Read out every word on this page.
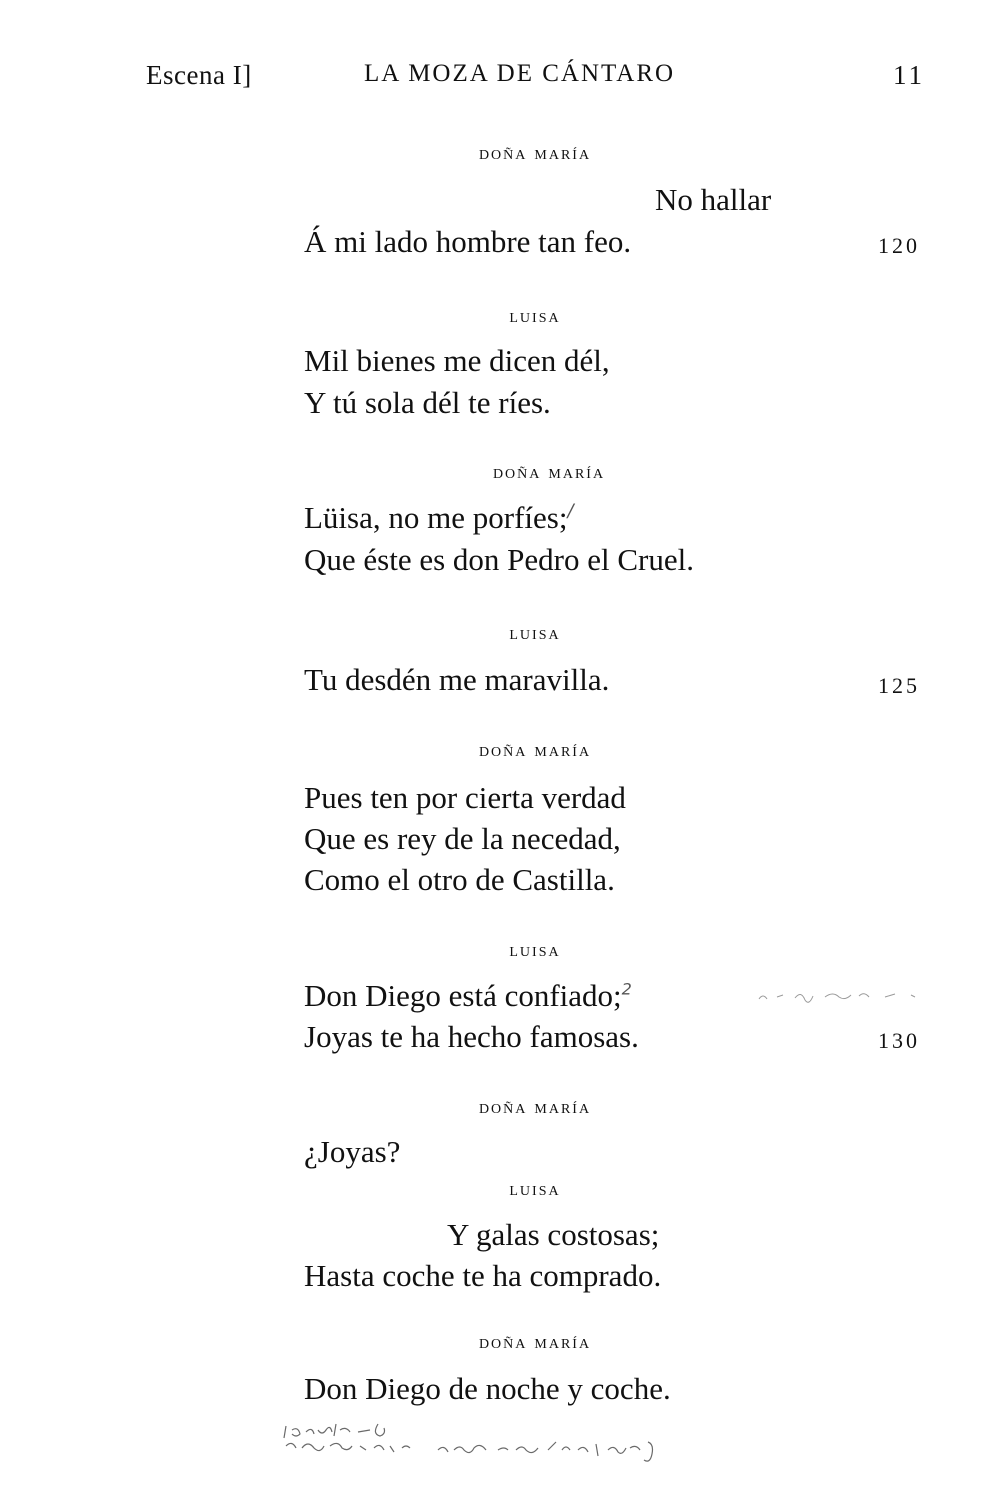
Escena I]	LA MOZA DE CÁNTARO	11
doña maría
No hallar
Á mi lado hombre tan feo.	120
luisa
Mil bienes me dicen dél,
Y tú sola dél te ríes.
doña maría
Lüisa, no me porfíes;/
Que éste es don Pedro el Cruel.
luisa
Tu desdén me maravilla.	125
doña maría
Pues ten por cierta verdad
Que es rey de la necedad,
Como el otro de Castilla.
luisa
Don Diego está confiado;$^2$
Joyas te ha hecho famosas.	130
doña maría
¿Joyas?
luisa
Y galas costosas;
Hasta coche te ha comprado.
doña maría
Don Diego de noche y coche.
